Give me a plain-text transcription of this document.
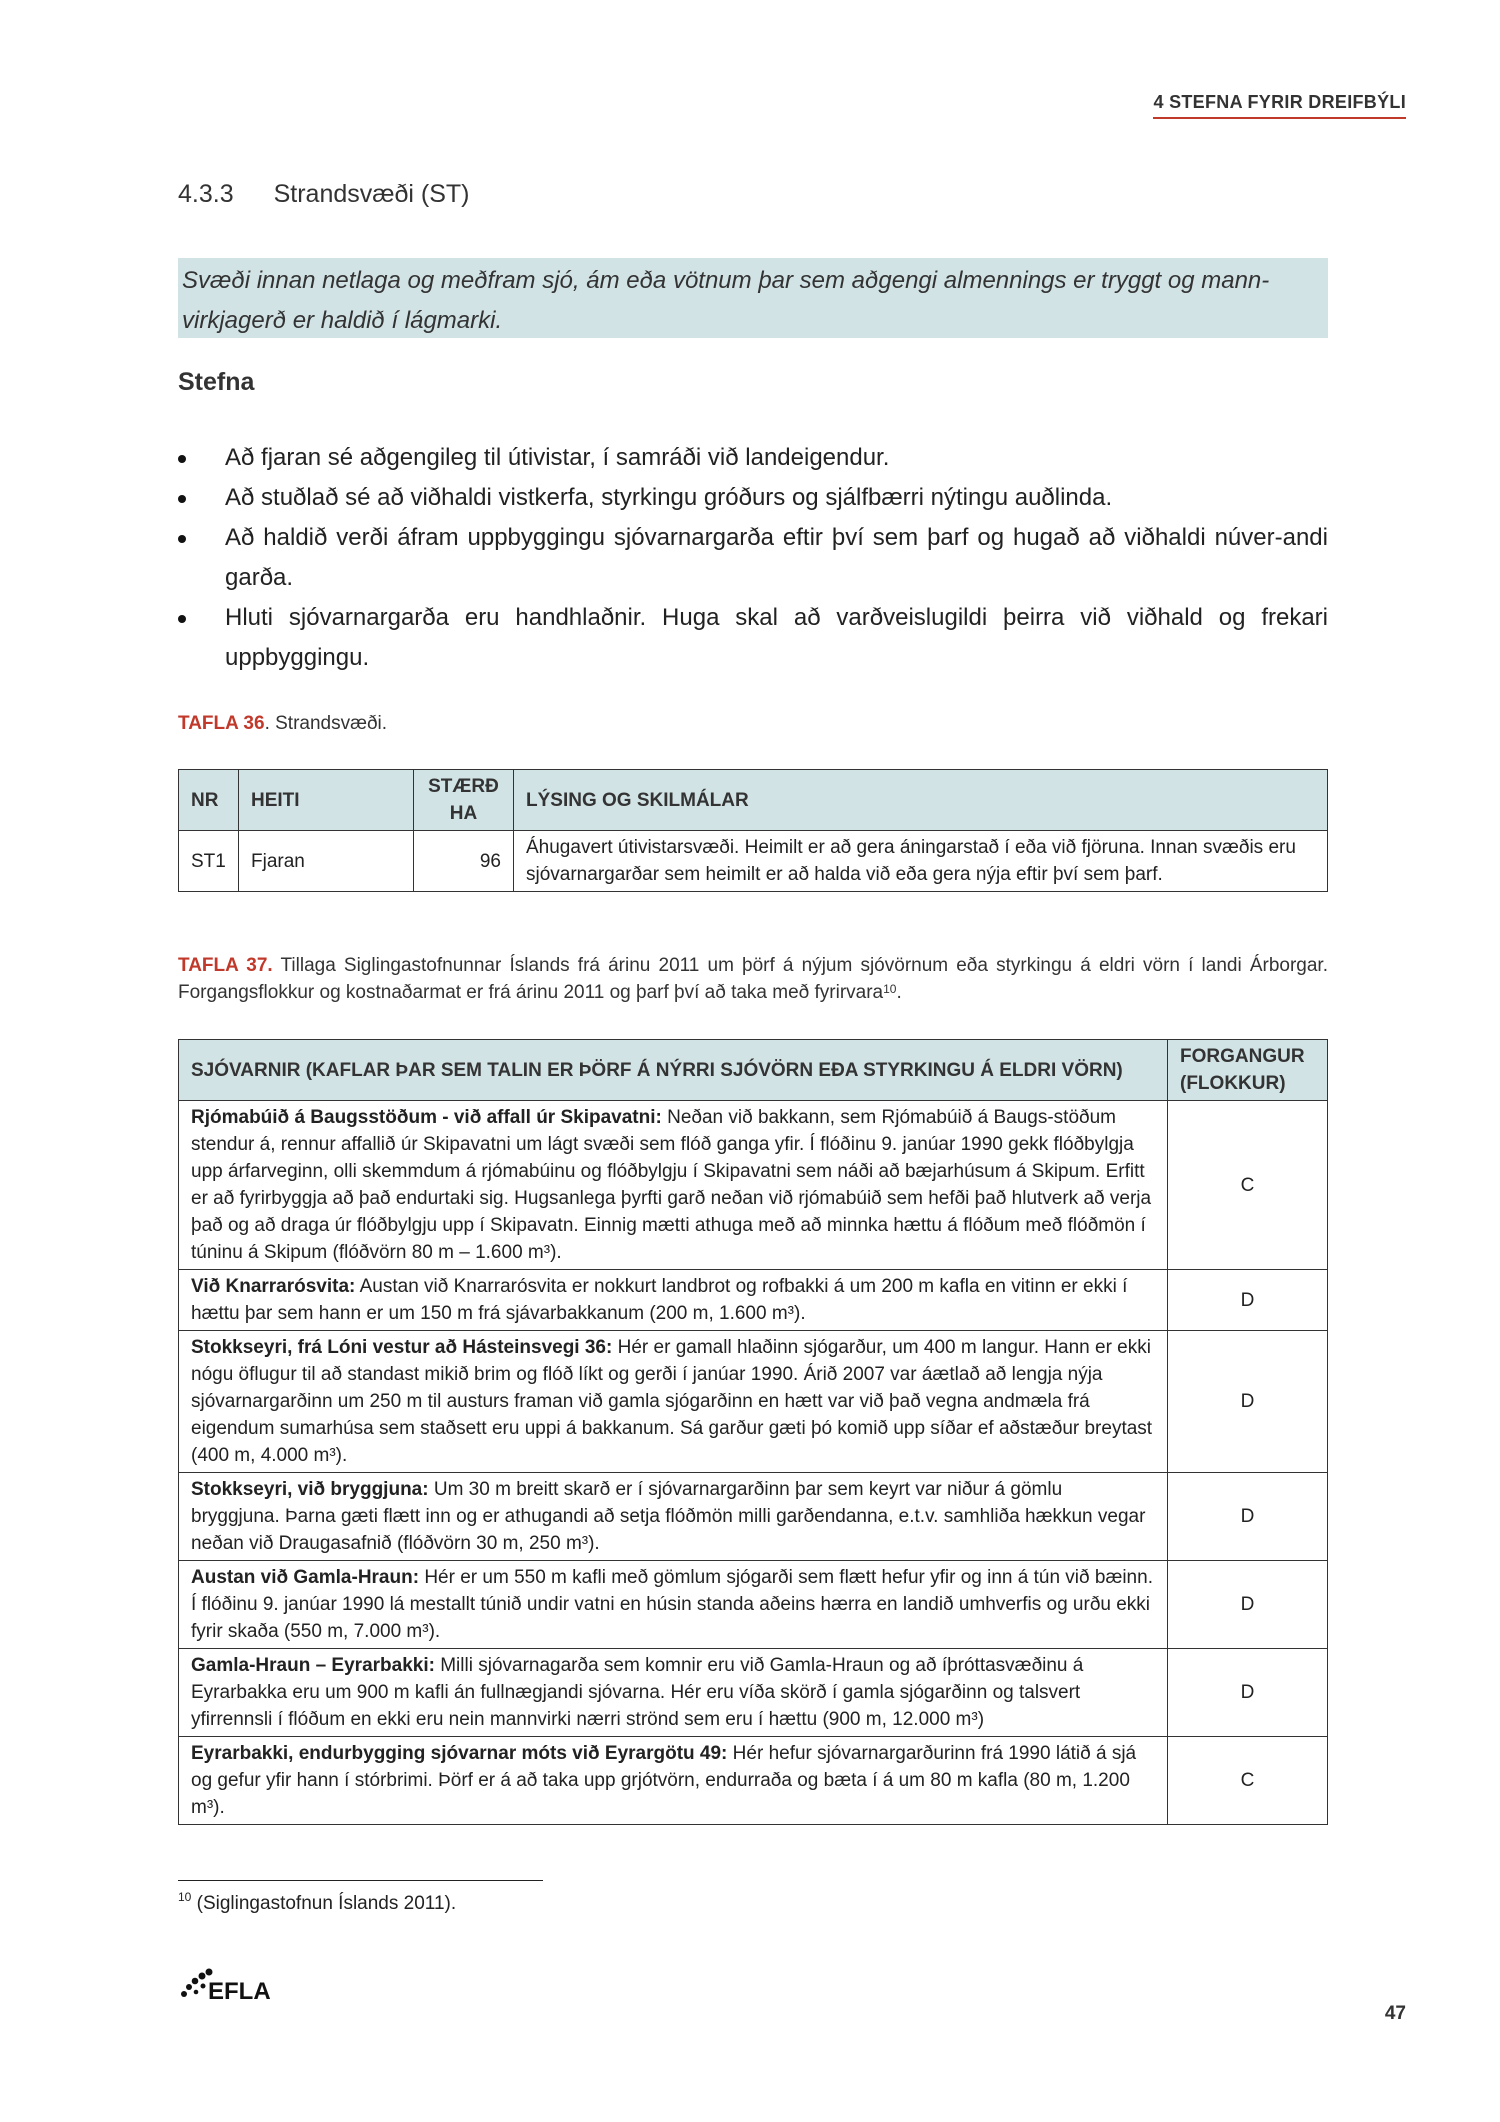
4 STEFNA FYRIR DREIFBÝLI
4.3.3 Strandsvæði (ST)
Svæði innan netlaga og meðfram sjó, ám eða vötnum þar sem aðgengi almennings er tryggt og mann-virkjagerð er haldið í lágmarki.
Stefna
Að fjaran sé aðgengileg til útivistar, í samráði við landeigendur.
Að stuðlað sé að viðhaldi vistkerfa, styrkingu gróðurs og sjálfbærri nýtingu auðlinda.
Að haldið verði áfram uppbyggingu sjóvarnargarða eftir því sem þarf og hugað að viðhaldi núver-andi garða.
Hluti sjóvarnargarða eru handhlaðnir. Huga skal að varðveislugildi þeirra við viðhald og frekari uppbyggingu.
TAFLA 36. Strandsvæði.
NR	HEITI	STÆRÐ HA	LÝSING OG SKILMÁLAR
ST1	Fjaran	96	Áhugavert útivistarsvæði. Heimilt er að gera áningarstað í eða við fjöruna. Innan svæðis eru sjóvarnargarðar sem heimilt er að halda við eða gera nýja eftir því sem þarf.
TAFLA 37. Tillaga Siglingastofnunnar Íslands frá árinu 2011 um þörf á nýjum sjóvörnum eða styrkingu á eldri vörn í landi Árborgar. Forgangsflokkur og kostnaðarmat er frá árinu 2011 og þarf því að taka með fyrirvara$^{10}$.
SJÓVARNIR (KAFLAR ÞAR SEM TALIN ER ÞÖRF Á NÝRRI SJÓVÖRN EÐA STYRKINGU Á ELDRI VÖRN)	FORGANGUR (FLOKKUR)
Rjómabúið á Baugsstöðum - við affall úr Skipavatni: Neðan við bakkann, sem Rjómabúið á Baugs-stöðum stendur á, rennur affallið úr Skipavatni um lágt svæði sem flóð ganga yfir. Í flóðinu 9. janúar 1990 gekk flóðbylgja upp árfarveginn, olli skemmdum á rjómabúinu og flóðbylgju í Skipavatni sem náði að bæjarhúsum á Skipum. Erfitt er að fyrirbyggja að það endurtaki sig. Hugsanlega þyrfti garð neðan við rjómabúið sem hefði það hlutverk að verja það og að draga úr flóðbylgju upp í Skipavatn. Einnig mætti athuga með að minnka hættu á flóðum með flóðmön í túninu á Skipum (flóðvörn 80 m – 1.600 m³).	C
Við Knarrarósvita: Austan við Knarrarósvita er nokkurt landbrot og rofbakki á um 200 m kafla en vitinn er ekki í hættu þar sem hann er um 150 m frá sjávarbakkanum (200 m, 1.600 m³).	D
Stokkseyri, frá Lóni vestur að Hásteinsvegi 36: Hér er gamall hlaðinn sjógarður, um 400 m langur. Hann er ekki nógu öflugur til að standast mikið brim og flóð líkt og gerði í janúar 1990. Árið 2007 var áætlað að lengja nýja sjóvarnargarðinn um 250 m til austurs framan við gamla sjógarðinn en hætt var við það vegna andmæla frá eigendum sumarhúsa sem staðsett eru uppi á bakkanum. Sá garður gæti þó komið upp síðar ef aðstæður breytast (400 m, 4.000 m³).	D
Stokkseyri, við bryggjuna: Um 30 m breitt skarð er í sjóvarnargarðinn þar sem keyrt var niður á gömlu bryggjuna. Þarna gæti flætt inn og er athugandi að setja flóðmön milli garðendanna, e.t.v. samhliða hækkun vegar neðan við Draugasafnið (flóðvörn 30 m, 250 m³).	D
Austan við Gamla-Hraun: Hér er um 550 m kafli með gömlum sjógarði sem flætt hefur yfir og inn á tún við bæinn. Í flóðinu 9. janúar 1990 lá mestallt túnið undir vatni en húsin standa aðeins hærra en landið umhverfis og urðu ekki fyrir skaða (550 m, 7.000 m³).	D
Gamla-Hraun – Eyrarbakki: Milli sjóvarnagarða sem komnir eru við Gamla-Hraun og að íþróttasvæðinu á Eyrarbakka eru um 900 m kafli án fullnægjandi sjóvarna. Hér eru víða skörð í gamla sjógarðinn og talsvert yfirrennsli í flóðum en ekki eru nein mannvirki nærri strönd sem eru í hættu (900 m, 12.000 m³)	D
Eyrarbakki, endurbygging sjóvarnar móts við Eyrargötu 49: Hér hefur sjóvarnargarðurinn frá 1990 látið á sjá og gefur yfir hann í stórbrimi. Þörf er á að taka upp grjótvörn, endurraða og bæta í á um 80 m kafla (80 m, 1.200 m³).	C
$^{10}$ (Siglingastofnun Íslands 2011).
EFLA
47
